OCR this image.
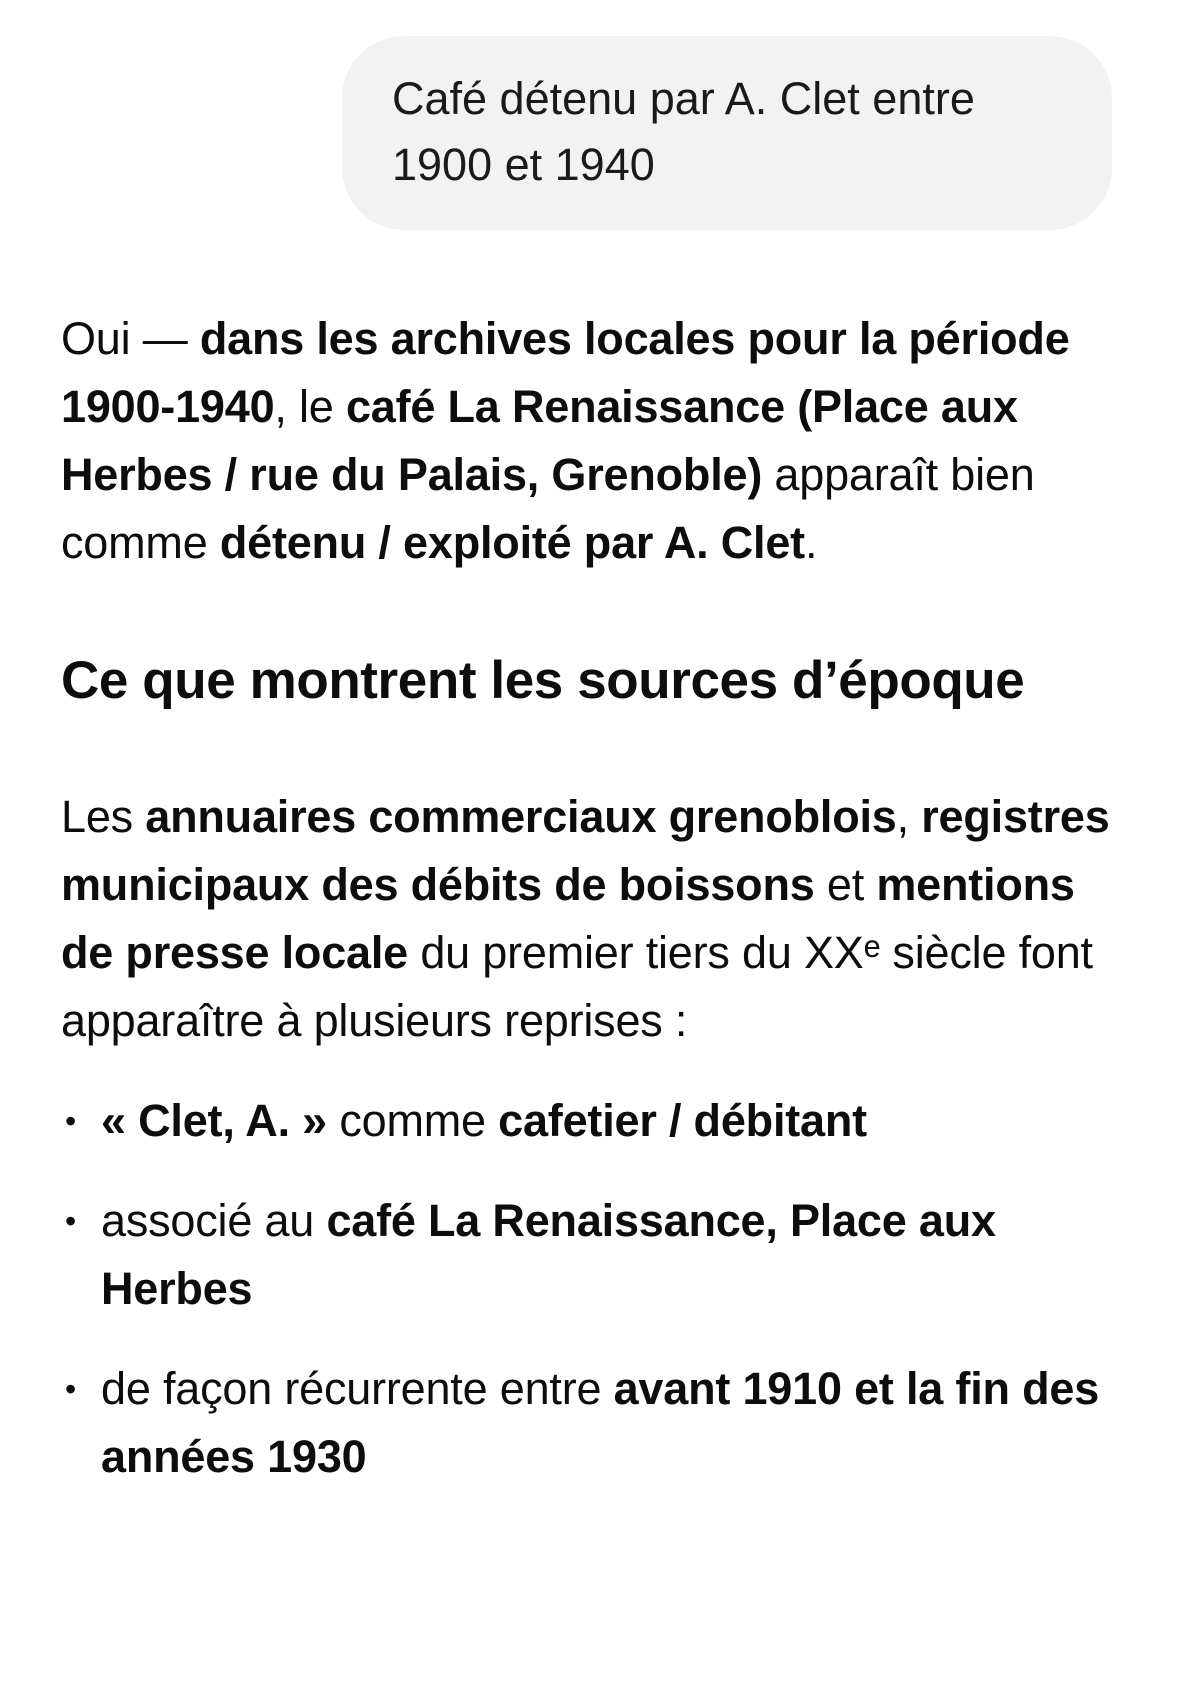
Café détenu par A. Clet entre
1900 et 1940

Oui — dans les archives locales pour la période 1900-1940, le café La Renaissance (Place aux Herbes / rue du Palais, Grenoble) apparaît bien comme détenu / exploité par A. Clet.

Ce que montrent les sources d’époque

Les annuaires commerciaux grenoblois, registres municipaux des débits de boissons et mentions de presse locale du premier tiers du XXᵉ siècle font apparaître à plusieurs reprises :

• « Clet, A. » comme cafetier / débitant
• associé au café La Renaissance, Place aux Herbes
• de façon récurrente entre avant 1910 et la fin des années 1930
